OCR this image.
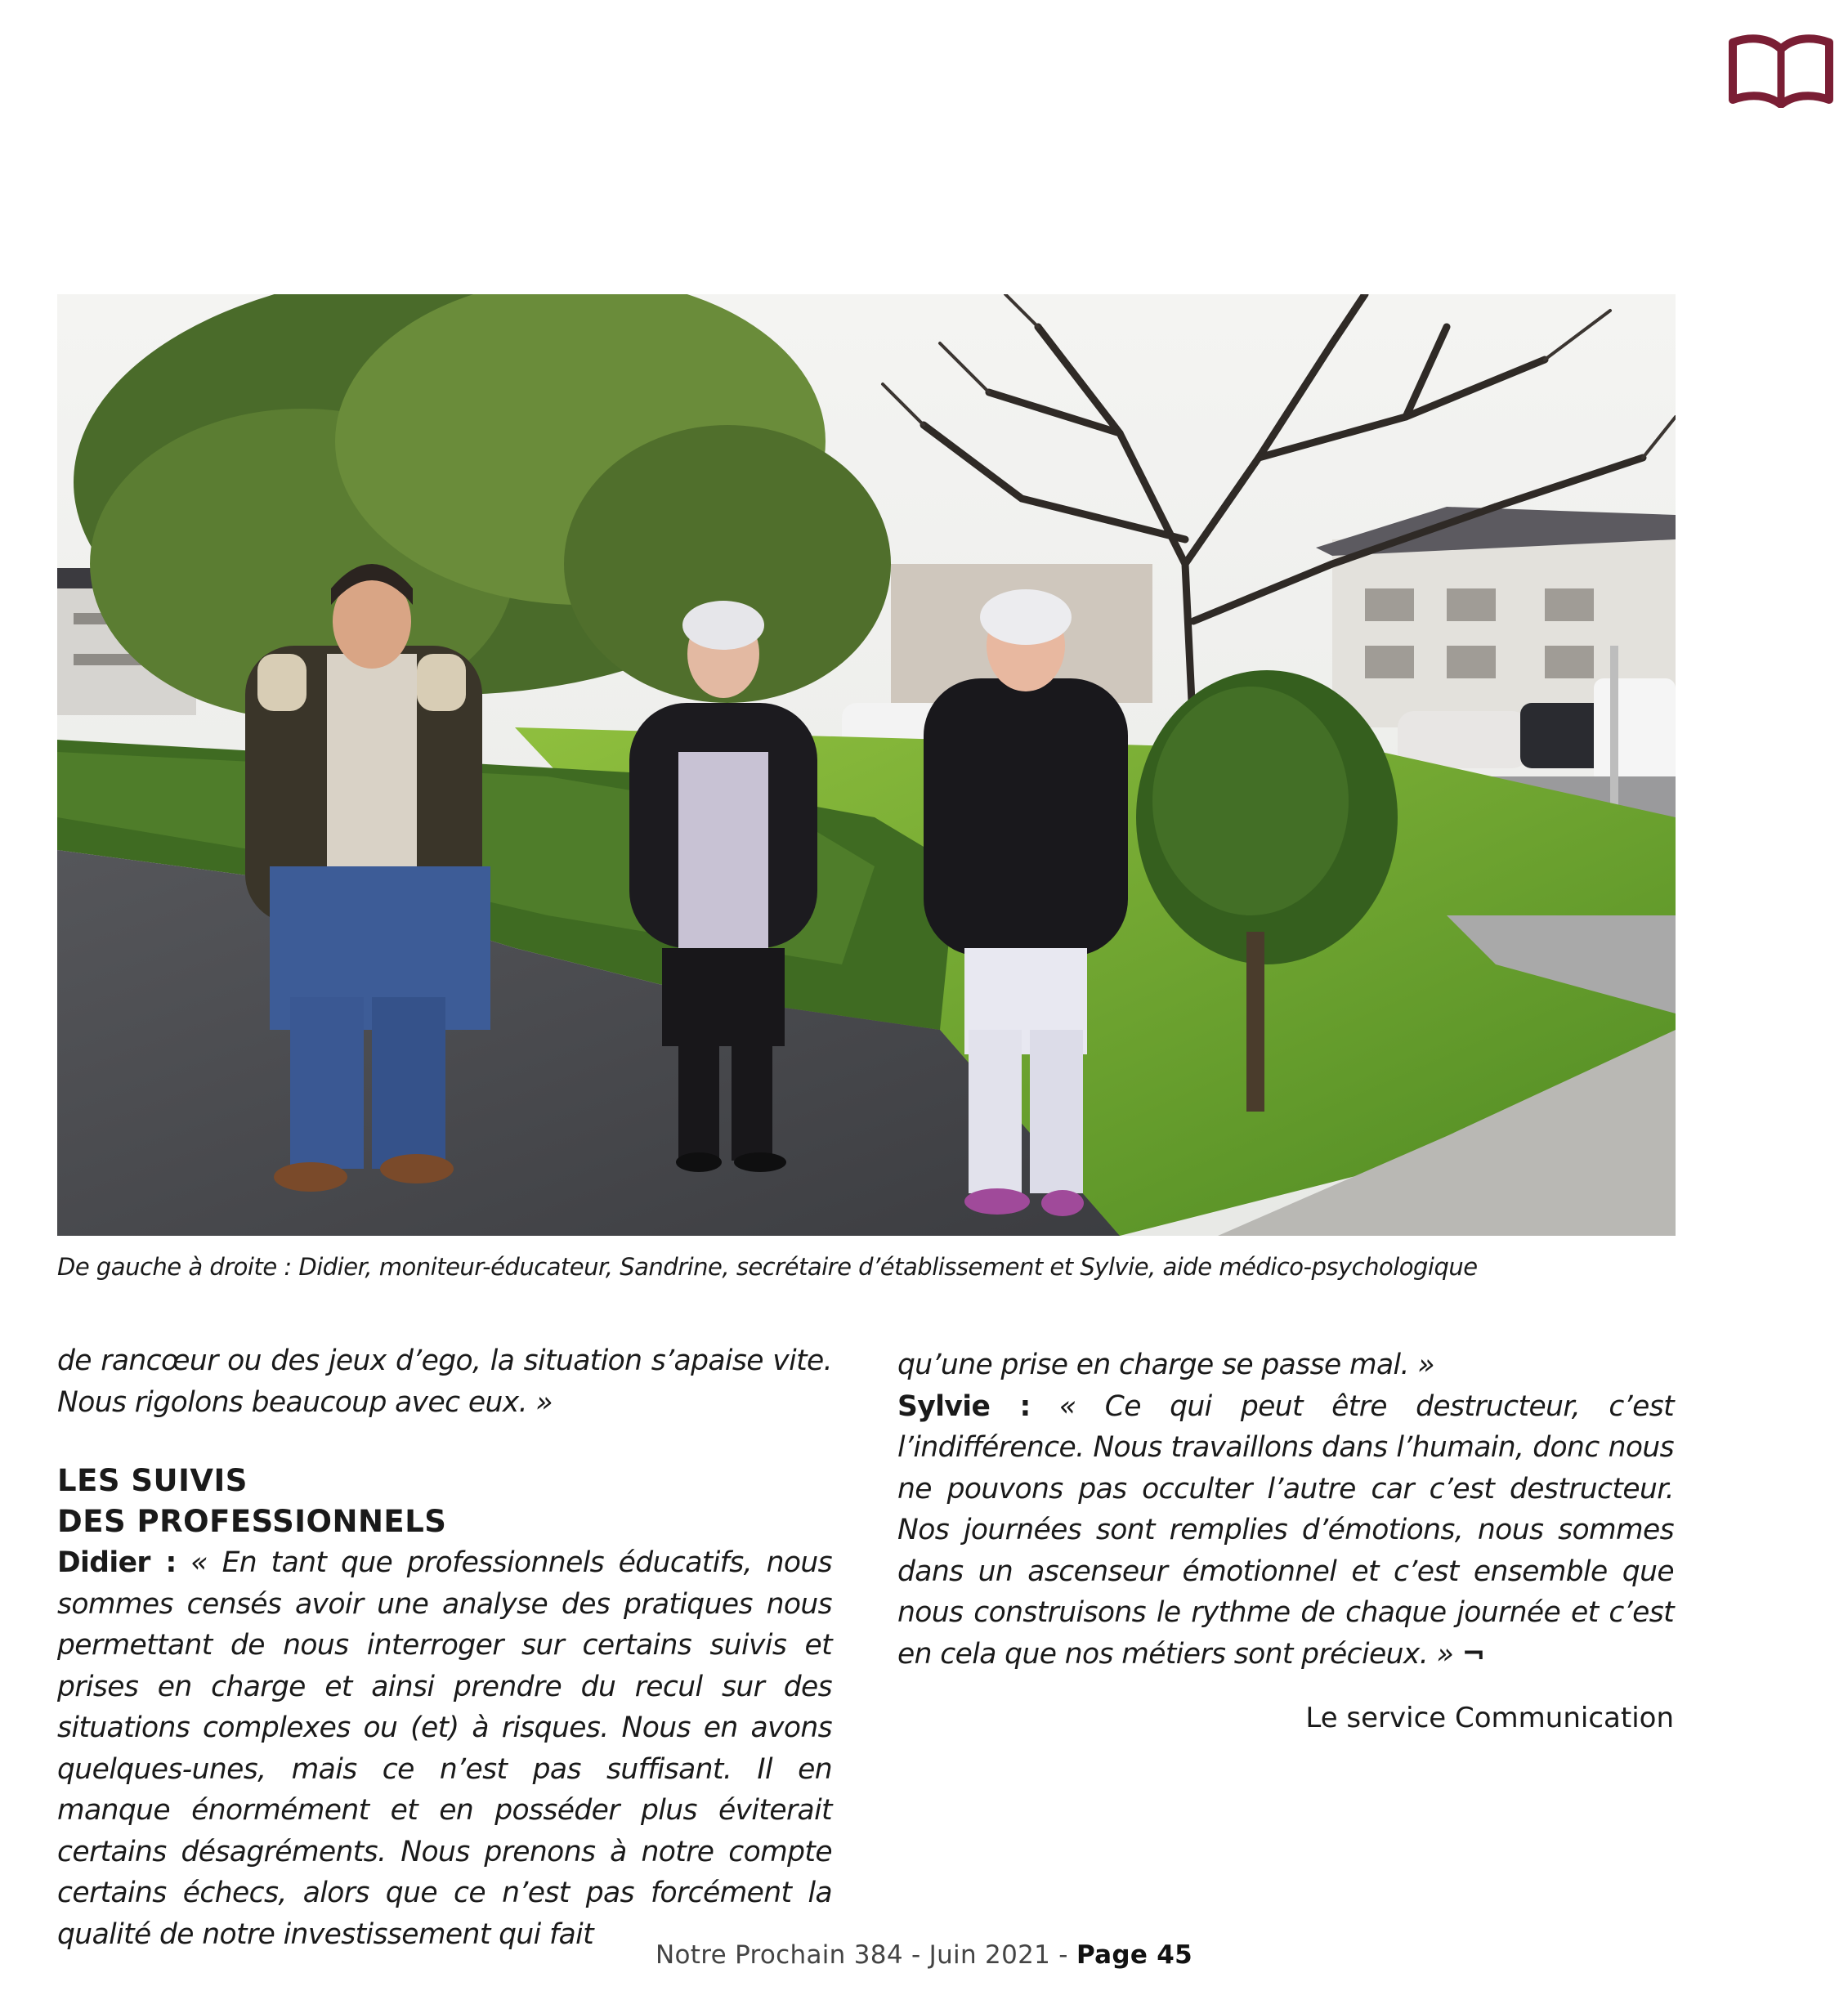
De gauche à droite : Didier, moniteur-éducateur, Sandrine, secrétaire d’établissement et Sylvie, aide médico-psychologique

de rancœur ou des jeux d’ego, la situation s’apaise vite. Nous rigolons beaucoup avec eux. »

LES SUIVIS
DES PROFESSIONNELS

Didier : « En tant que professionnels éducatifs, nous sommes censés avoir une analyse des pratiques nous permettant de nous interroger sur certains suivis et prises en charge et ainsi prendre du recul sur des situations complexes ou (et) à risques. Nous en avons quelques-unes, mais ce n’est pas suffisant. Il en manque énormément et en posséder plus éviterait certains désagréments. Nous prenons à notre compte certains échecs, alors que ce n’est pas forcément la qualité de notre investissement qui fait

qu’une prise en charge se passe mal. »

Sylvie : « Ce qui peut être destructeur, c’est l’indifférence. Nous travaillons dans l’humain, donc nous ne pouvons pas occulter l’autre car c’est destructeur. Nos journées sont remplies d’émotions, nous sommes dans un ascenseur émotionnel et c’est ensemble que nous construisons le rythme de chaque journée et c’est en cela que nos métiers sont précieux. » ¬

Le service Communication
Notre Prochain 384 - Juin 2021 - Page 45
